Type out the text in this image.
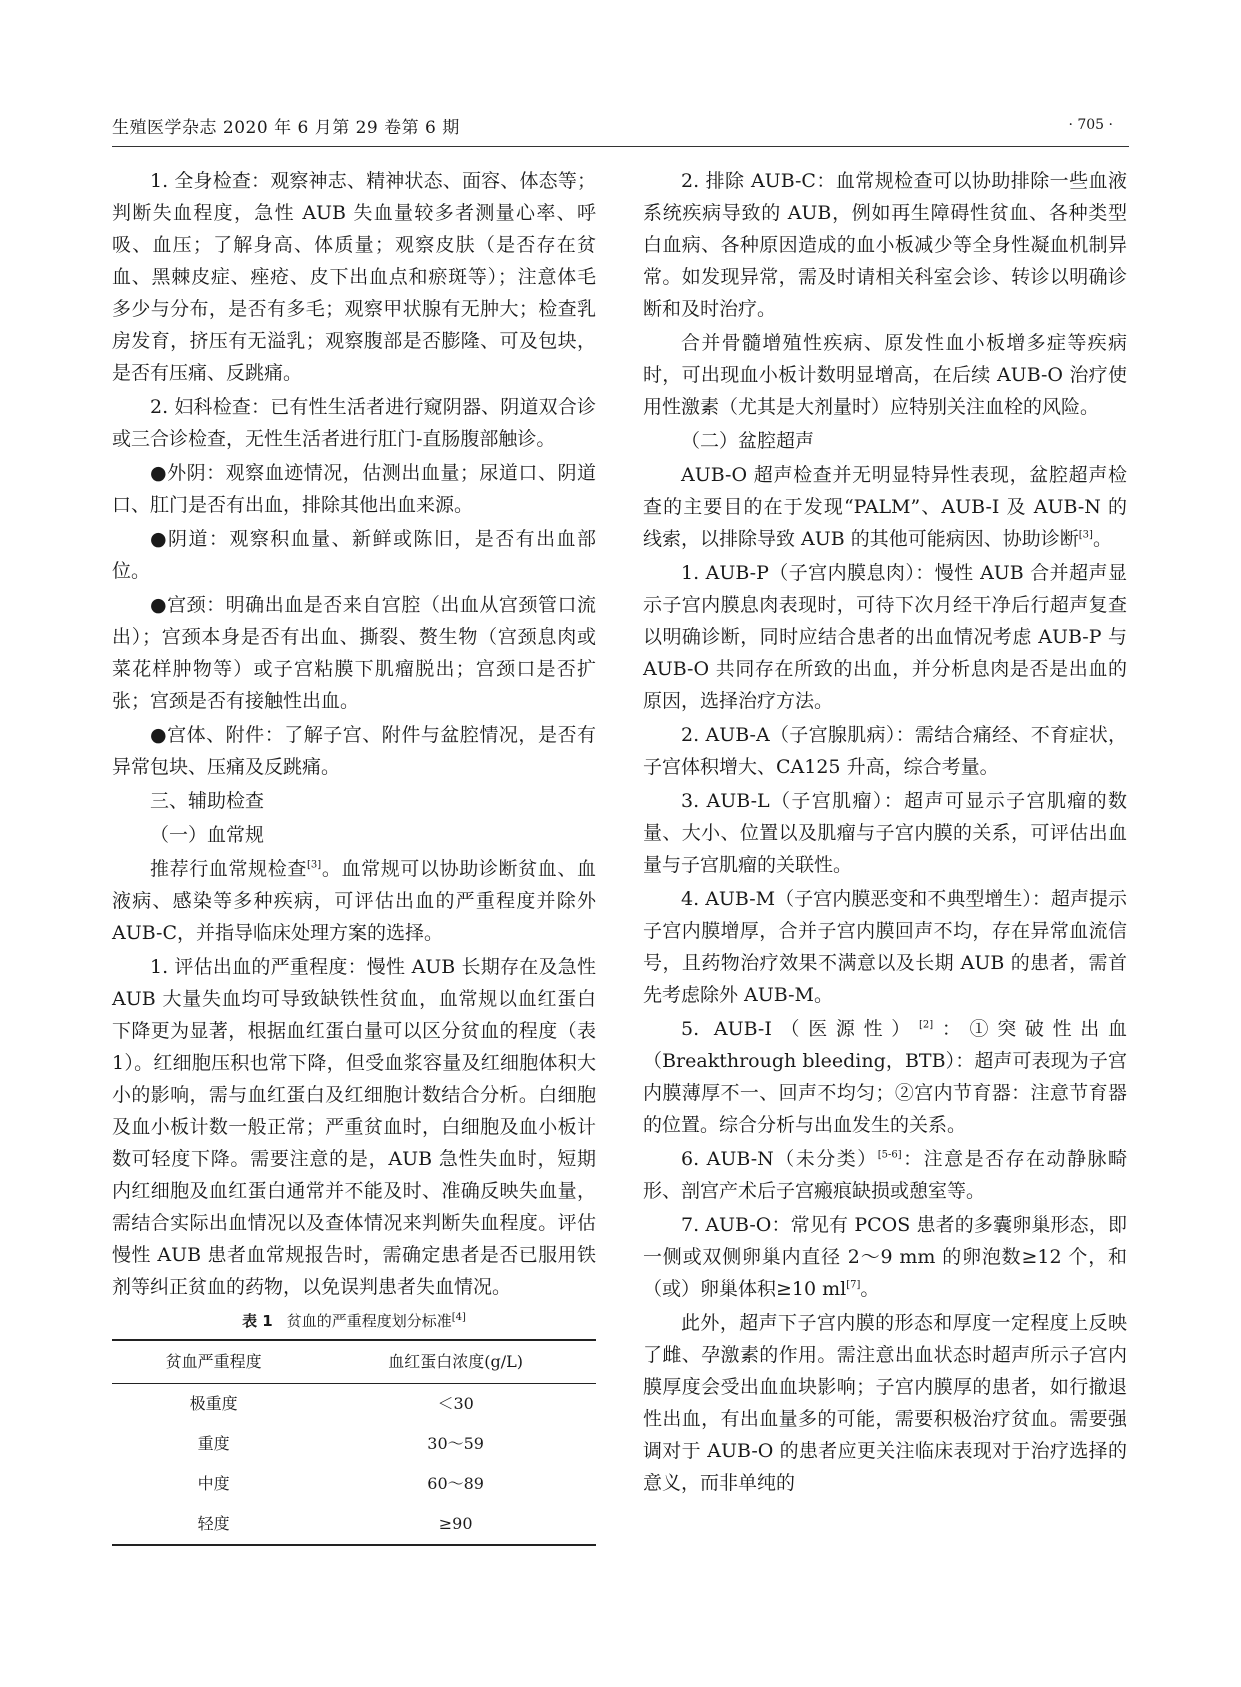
生殖医学杂志 2020 年 6 月第 29 卷第 6 期	· 705 ·

1. 全身检查：观察神志、精神状态、面容、体态等；判断失血程度，急性 AUB 失血量较多者测量心率、呼吸、血压；了解身高、体质量；观察皮肤（是否存在贫血、黑棘皮症、痤疮、皮下出血点和瘀斑等）；注意体毛多少与分布，是否有多毛；观察甲状腺有无肿大；检查乳房发育，挤压有无溢乳；观察腹部是否膨隆、可及包块，是否有压痛、反跳痛。

2. 妇科检查：已有性生活者进行窥阴器、阴道双合诊或三合诊检查，无性生活者进行肛门-直肠腹部触诊。

●外阴：观察血迹情况，估测出血量；尿道口、阴道口、肛门是否有出血，排除其他出血来源。

●阴道：观察积血量、新鲜或陈旧，是否有出血部位。

●宫颈：明确出血是否来自宫腔（出血从宫颈管口流出）；宫颈本身是否有出血、撕裂、赘生物（宫颈息肉或菜花样肿物等）或子宫粘膜下肌瘤脱出；宫颈口是否扩张；宫颈是否有接触性出血。

●宫体、附件：了解子宫、附件与盆腔情况，是否有异常包块、压痛及反跳痛。

三、辅助检查

（一）血常规

推荐行血常规检查[3]。血常规可以协助诊断贫血、血液病、感染等多种疾病，可评估出血的严重程度并除外 AUB-C，并指导临床处理方案的选择。

1. 评估出血的严重程度：慢性 AUB 长期存在及急性 AUB 大量失血均可导致缺铁性贫血，血常规以血红蛋白下降更为显著，根据血红蛋白量可以区分贫血的程度（表 1）。红细胞压积也常下降，但受血浆容量及红细胞体积大小的影响，需与血红蛋白及红细胞计数结合分析。白细胞及血小板计数一般正常；严重贫血时，白细胞及血小板计数可轻度下降。需要注意的是，AUB 急性失血时，短期内红细胞及血红蛋白通常并不能及时、准确反映失血量，需结合实际出血情况以及查体情况来判断失血程度。评估慢性 AUB 患者血常规报告时，需确定患者是否已服用铁剂等纠正贫血的药物，以免误判患者失血情况。

表 1 贫血的严重程度划分标准[4]

贫血严重程度	血红蛋白浓度(g/L)
极重度	＜30
重度	30～59
中度	60～89
轻度	≥90

2. 排除 AUB-C：血常规检查可以协助排除一些血液系统疾病导致的 AUB，例如再生障碍性贫血、各种类型白血病、各种原因造成的血小板减少等全身性凝血机制异常。如发现异常，需及时请相关科室会诊、转诊以明确诊断和及时治疗。

合并骨髓增殖性疾病、原发性血小板增多症等疾病时，可出现血小板计数明显增高，在后续 AUB-O 治疗使用性激素（尤其是大剂量时）应特别关注血栓的风险。

（二）盆腔超声

AUB-O 超声检查并无明显特异性表现，盆腔超声检查的主要目的在于发现“PALM”、AUB-I 及 AUB-N 的线索，以排除导致 AUB 的其他可能病因、协助诊断[3]。

1. AUB-P（子宫内膜息肉）：慢性 AUB 合并超声显示子宫内膜息肉表现时，可待下次月经干净后行超声复查以明确诊断，同时应结合患者的出血情况考虑 AUB-P 与 AUB-O 共同存在所致的出血，并分析息肉是否是出血的原因，选择治疗方法。

2. AUB-A（子宫腺肌病）：需结合痛经、不育症状，子宫体积增大、CA125 升高，综合考量。

3. AUB-L（子宫肌瘤）：超声可显示子宫肌瘤的数量、大小、位置以及肌瘤与子宫内膜的关系，可评估出血量与子宫肌瘤的关联性。

4. AUB-M（子宫内膜恶变和不典型增生）：超声提示子宫内膜增厚，合并子宫内膜回声不均，存在异常血流信号，且药物治疗效果不满意以及长期 AUB 的患者，需首先考虑除外 AUB-M。

5. AUB-I（医源性）[2]：①突破性出血（Breakthrough bleeding，BTB）：超声可表现为子宫内膜薄厚不一、回声不均匀；②宫内节育器：注意节育器的位置。综合分析与出血发生的关系。

6. AUB-N（未分类）[5-6]：注意是否存在动静脉畸形、剖宫产术后子宫瘢痕缺损或憩室等。

7. AUB-O：常见有 PCOS 患者的多囊卵巢形态，即一侧或双侧卵巢内直径 2～9 mm 的卵泡数≥12 个，和（或）卵巢体积≥10 ml[7]。

此外，超声下子宫内膜的形态和厚度一定程度上反映了雌、孕激素的作用。需注意出血状态时超声所示子宫内膜厚度会受出血血块影响；子宫内膜厚的患者，如行撤退性出血，有出血量多的可能，需要积极治疗贫血。需要强调对于 AUB-O 的患者应更关注临床表现对于治疗选择的意义，而非单纯的
